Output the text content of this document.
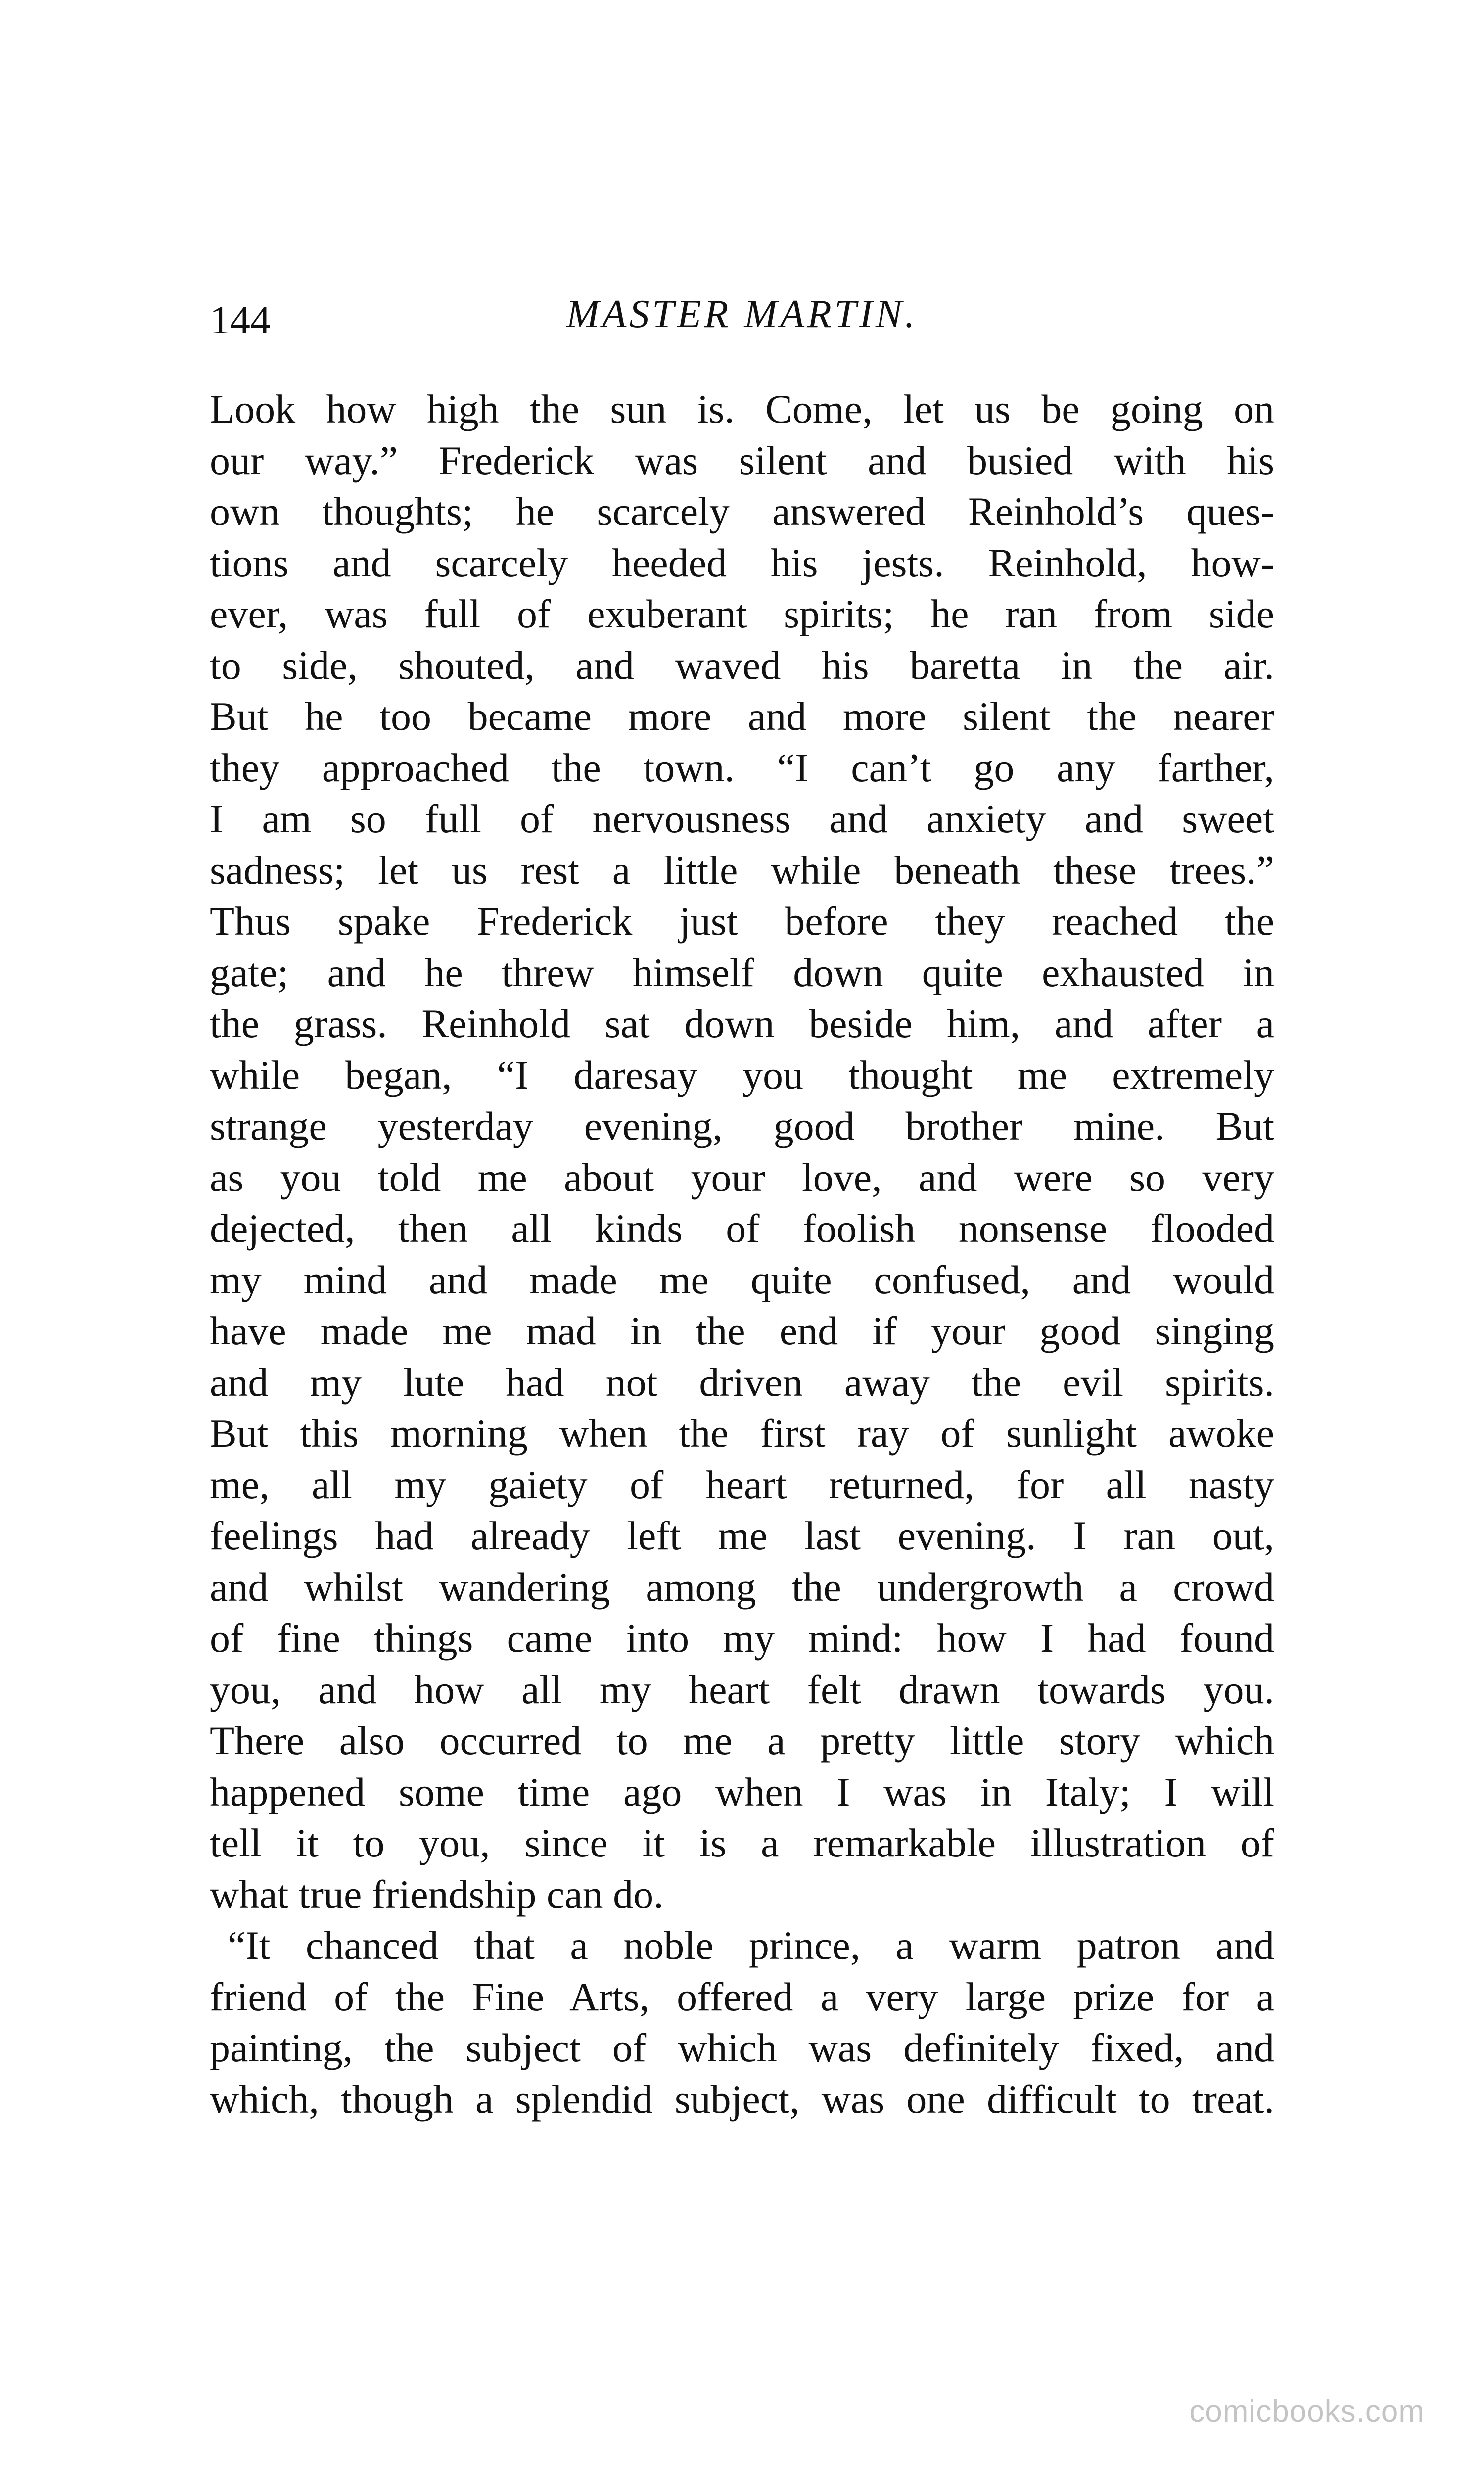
144	MASTER MARTIN.
Look how high the sun is. Come, let us be going on
our way.” Frederick was silent and busied with his
own thoughts; he scarcely answered Reinhold’s ques-
tions and scarcely heeded his jests. Reinhold, how-
ever, was full of exuberant spirits; he ran from side
to side, shouted, and waved his baretta in the air.
But he too became more and more silent the nearer
they approached the town. “I can’t go any farther,
I am so full of nervousness and anxiety and sweet
sadness; let us rest a little while beneath these trees.”
Thus spake Frederick just before they reached the
gate; and he threw himself down quite exhausted in
the grass. Reinhold sat down beside him, and after a
while began, “I daresay you thought me extremely
strange yesterday evening, good brother mine. But
as you told me about your love, and were so very
dejected, then all kinds of foolish nonsense flooded
my mind and made me quite confused, and would
have made me mad in the end if your good singing
and my lute had not driven away the evil spirits.
But this morning when the first ray of sunlight awoke
me, all my gaiety of heart returned, for all nasty
feelings had already left me last evening. I ran out,
and whilst wandering among the undergrowth a crowd
of fine things came into my mind: how I had found
you, and how all my heart felt drawn towards you.
There also occurred to me a pretty little story which
happened some time ago when I was in Italy; I will
tell it to you, since it is a remarkable illustration of
what true friendship can do.
“It chanced that a noble prince, a warm patron and
friend of the Fine Arts, offered a very large prize for a
painting, the subject of which was definitely fixed, and
which, though a splendid subject, was one difficult to treat.
comicbooks.com
